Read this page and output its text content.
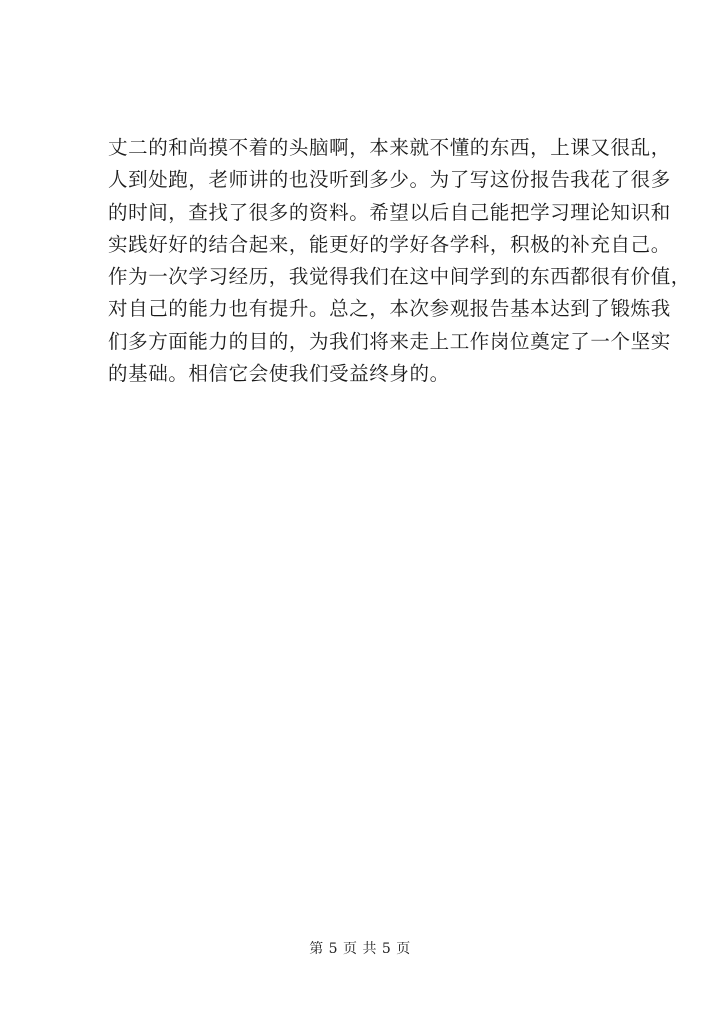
丈二的和尚摸不着的头脑啊，本来就不懂的东西，上课又很乱，
人到处跑，老师讲的也没听到多少。为了写这份报告我花了很多
的时间，查找了很多的资料。希望以后自己能把学习理论知识和
实践好好的结合起来，能更好的学好各学科，积极的补充自己。
作为一次学习经历，我觉得我们在这中间学到的东西都很有价值，
对自己的能力也有提升。总之，本次参观报告基本达到了锻炼我
们多方面能力的目的，为我们将来走上工作岗位奠定了一个坚实
的基础。相信它会使我们受益终身的。
第 5 页 共 5 页
